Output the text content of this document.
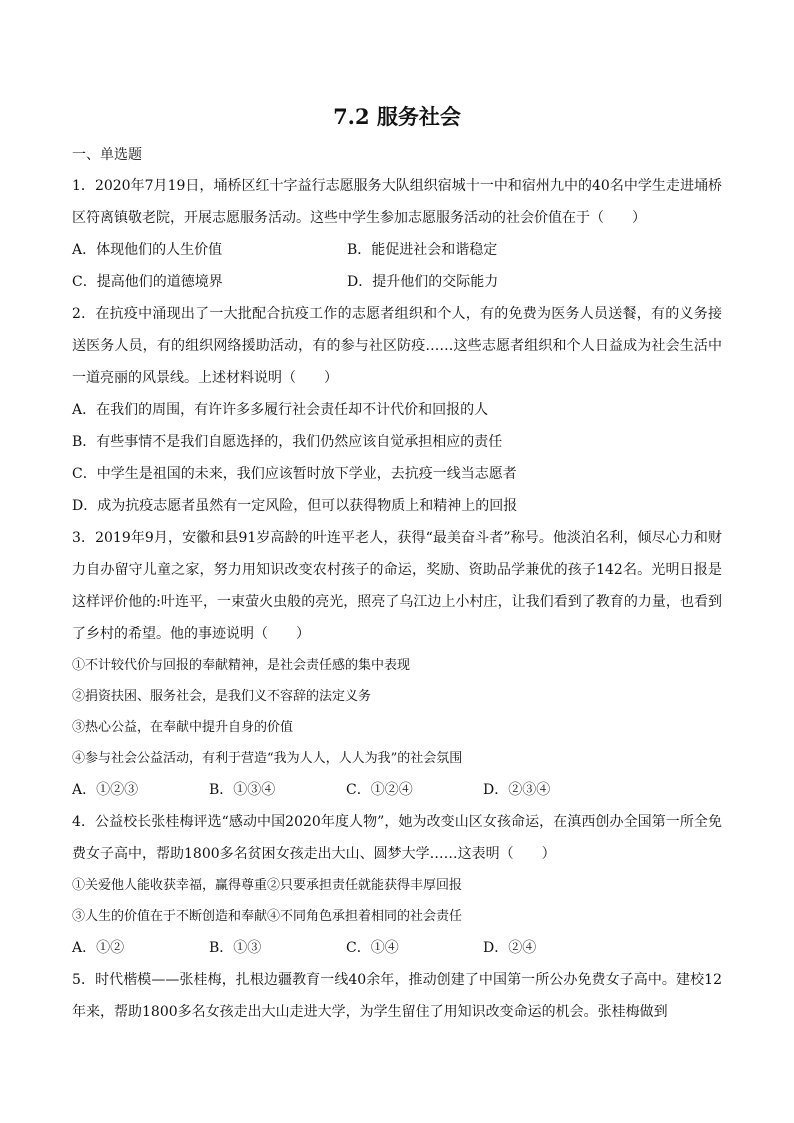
7.2 服务社会
一、单选题

1．2020年7月19日，埇桥区红十字益行志愿服务大队组织宿城十一中和宿州九中的40名中学生走进埇桥区符离镇敬老院，开展志愿服务活动。这些中学生参加志愿服务活动的社会价值在于（　　）

A．体现他们的人生价值	B．能促进社会和谐稳定
C．提高他们的道德境界	D．提升他们的交际能力

2．在抗疫中涌现出了一大批配合抗疫工作的志愿者组织和个人，有的免费为医务人员送餐，有的义务接送医务人员，有的组织网络援助活动，有的参与社区防疫……这些志愿者组织和个人日益成为社会生活中一道亮丽的风景线。上述材料说明（　　）

A．在我们的周围，有许许多多履行社会责任却不计代价和回报的人

B．有些事情不是我们自愿选择的，我们仍然应该自觉承担相应的责任

C．中学生是祖国的未来，我们应该暂时放下学业，去抗疫一线当志愿者

D．成为抗疫志愿者虽然有一定风险，但可以获得物质上和精神上的回报

3．2019年9月，安徽和县91岁高龄的叶连平老人，获得“最美奋斗者”称号。他淡泊名利，倾尽心力和财力自办留守儿童之家，努力用知识改变农村孩子的命运，奖励、资助品学兼优的孩子142名。光明日报是这样评价他的:叶连平，一束萤火虫般的亮光，照亮了乌江边上小村庄，让我们看到了教育的力量，也看到了乡村的希望。他的事迹说明（　　）

①不计较代价与回报的奉献精神，是社会责任感的集中表现

②捐资扶困、服务社会，是我们义不容辞的法定义务

③热心公益，在奉献中提升自身的价值

④参与社会公益活动，有利于营造“我为人人，人人为我”的社会氛围

A．①②③	B．①③④	C．①②④	D．②③④

4．公益校长张桂梅评选“感动中国2020年度人物”，她为改变山区女孩命运，在滇西创办全国第一所全免费女子高中，帮助1800多名贫困女孩走出大山、圆梦大学……这表明（　　）

①关爱他人能收获幸福，赢得尊重②只要承担责任就能获得丰厚回报

③人生的价值在于不断创造和奉献④不同角色承担着相同的社会责任

A．①②	B．①③	C．①④	D．②④

5．时代楷模——张桂梅，扎根边疆教育一线40余年，推动创建了中国第一所公办免费女子高中。建校12年来，帮助1800多名女孩走出大山走进大学，为学生留住了用知识改变命运的机会。张桂梅做到
